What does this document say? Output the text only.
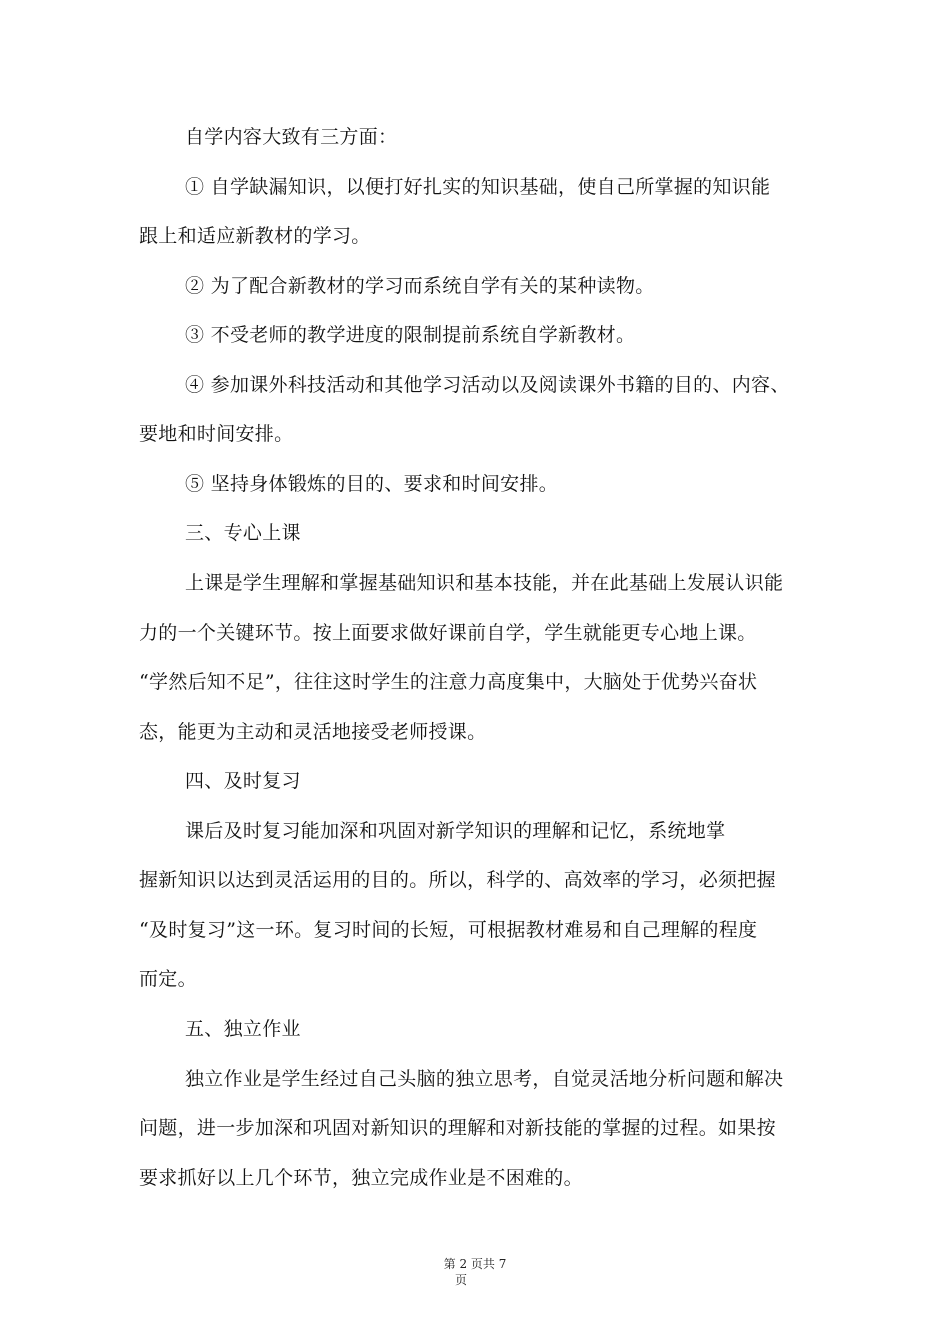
自学内容大致有三方面：
① 自学缺漏知识，以便打好扎实的知识基础，使自己所掌握的知识能
跟上和适应新教材的学习。
② 为了配合新教材的学习而系统自学有关的某种读物。
③ 不受老师的教学进度的限制提前系统自学新教材。
④ 参加课外科技活动和其他学习活动以及阅读课外书籍的目的、内容、
要地和时间安排。
⑤ 坚持身体锻炼的目的、要求和时间安排。
三、专心上课
上课是学生理解和掌握基础知识和基本技能，并在此基础上发展认识能
力的一个关键环节。按上面要求做好课前自学，学生就能更专心地上课。
“学然后知不足”，往往这时学生的注意力高度集中，大脑处于优势兴奋状
态，能更为主动和灵活地接受老师授课。
四、及时复习
课后及时复习能加深和巩固对新学知识的理解和记忆，系统地掌
握新知识以达到灵活运用的目的。所以，科学的、高效率的学习，必须把握
“及时复习”这一环。复习时间的长短，可根据教材难易和自己理解的程度
而定。
五、独立作业
独立作业是学生经过自己头脑的独立思考，自觉灵活地分析问题和解决
问题，进一步加深和巩固对新知识的理解和对新技能的掌握的过程。如果按
要求抓好以上几个环节，独立完成作业是不困难的。
第 2 页共 7
页
